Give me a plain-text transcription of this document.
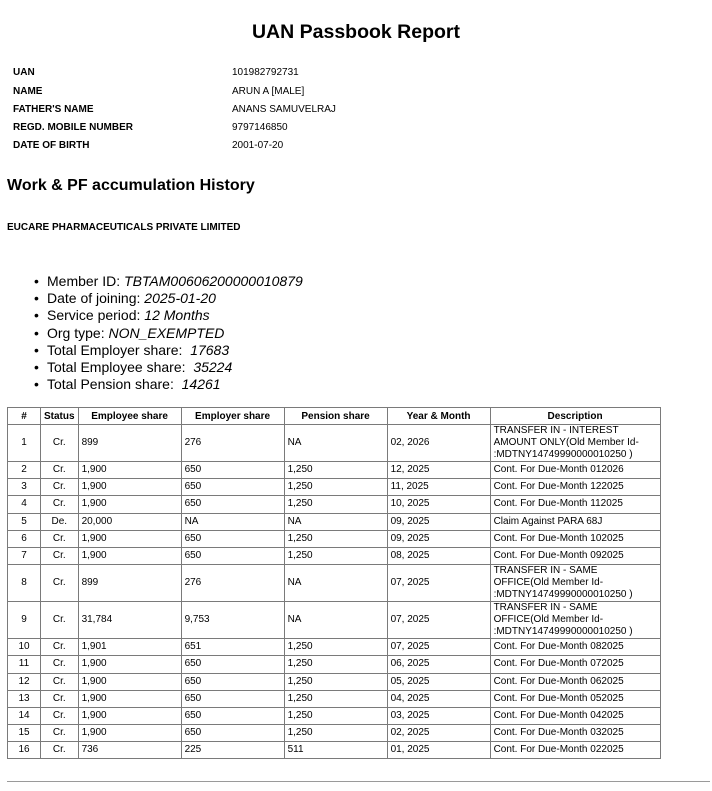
UAN Passbook Report
UAN	101982792731
NAME	ARUN A [MALE]
FATHER'S NAME	ANANS SAMUVELRAJ
REGD. MOBILE NUMBER	9797146850
DATE OF BIRTH	2001-07-20
Work & PF accumulation History
EUCARE PHARMACEUTICALS PRIVATE LIMITED
• Member ID: TBTAM00606200000010879
• Date of joining: 2025-01-20
• Service period: 12 Months
• Org type: NON_EXEMPTED
• Total Employer share: 17683
• Total Employee share: 35224
• Total Pension share: 14261
#	Status	Employee share	Employer share	Pension share	Year & Month	Description
1	Cr.	899	276	NA	02, 2026	TRANSFER IN - INTEREST
AMOUNT ONLY(Old Member Id-
:MDTNY14749990000010250 )

2	Cr.	1,900	650	1,250	12, 2025	Cont. For Due-Month 012026

3	Cr.	1,900	650	1,250	11, 2025	Cont. For Due-Month 122025

4	Cr.	1,900	650	1,250	10, 2025	Cont. For Due-Month 112025

5	De.	20,000	NA	NA	09, 2025	Claim Against PARA 68J

6	Cr.	1,900	650	1,250	09, 2025	Cont. For Due-Month 102025

7	Cr.	1,900	650	1,250	08, 2025	Cont. For Due-Month 092025

8	Cr.	899	276	NA	07, 2025	TRANSFER IN - SAME
OFFICE(Old Member Id-
:MDTNY14749990000010250 )

9	Cr.	31,784	9,753	NA	07, 2025	TRANSFER IN - SAME
OFFICE(Old Member Id-
:MDTNY14749990000010250 )

10	Cr.	1,901	651	1,250	07, 2025	Cont. For Due-Month 082025

11	Cr.	1,900	650	1,250	06, 2025	Cont. For Due-Month 072025

12	Cr.	1,900	650	1,250	05, 2025	Cont. For Due-Month 062025

13	Cr.	1,900	650	1,250	04, 2025	Cont. For Due-Month 052025

14	Cr.	1,900	650	1,250	03, 2025	Cont. For Due-Month 042025

15	Cr.	1,900	650	1,250	02, 2025	Cont. For Due-Month 032025

16	Cr.	736	225	511	01, 2025	Cont. For Due-Month 022025
